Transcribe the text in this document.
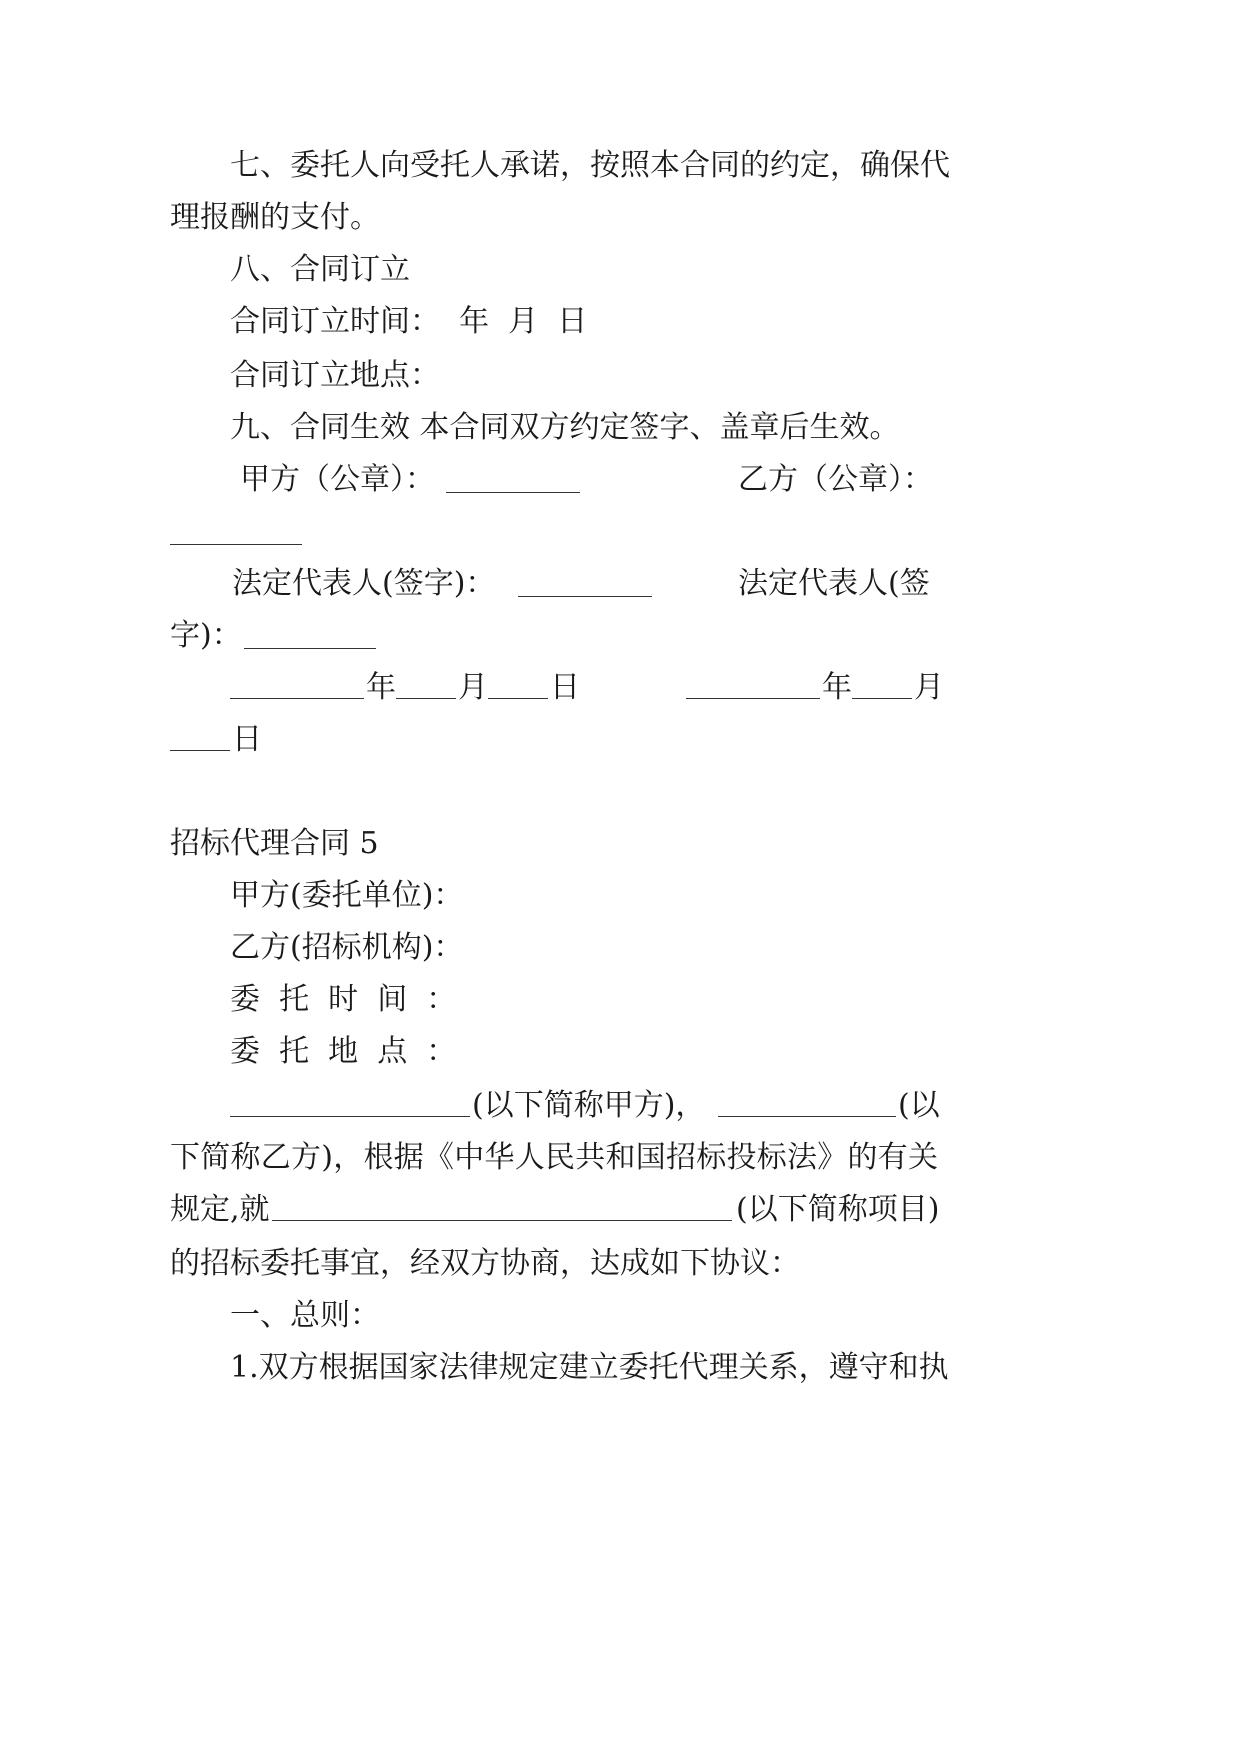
七、委托人向受托人承诺，按照本合同的约定，确保代
理报酬的支付。
八、合同订立
合同订立时间：  年  月  日
合同订立地点：
九、合同生效 本合同双方约定签字、盖章后生效。
甲方（公章）：	乙方（公章）：
法定代表人(签字)：	法定代表人(签
字)：
年 月 日	年 月
日
招标代理合同 5
甲方(委托单位)：
乙方(招标机构)：
委  托  时  间  ：
委  托  地  点  ：
(以下简称甲方)，	(以
下简称乙方)，根据《中华人民共和国招标投标法》的有关
规定,就	(以下简称项目)
的招标委托事宜，经双方协商，达成如下协议：
一、总则：
1.双方根据国家法律规定建立委托代理关系，遵守和执
